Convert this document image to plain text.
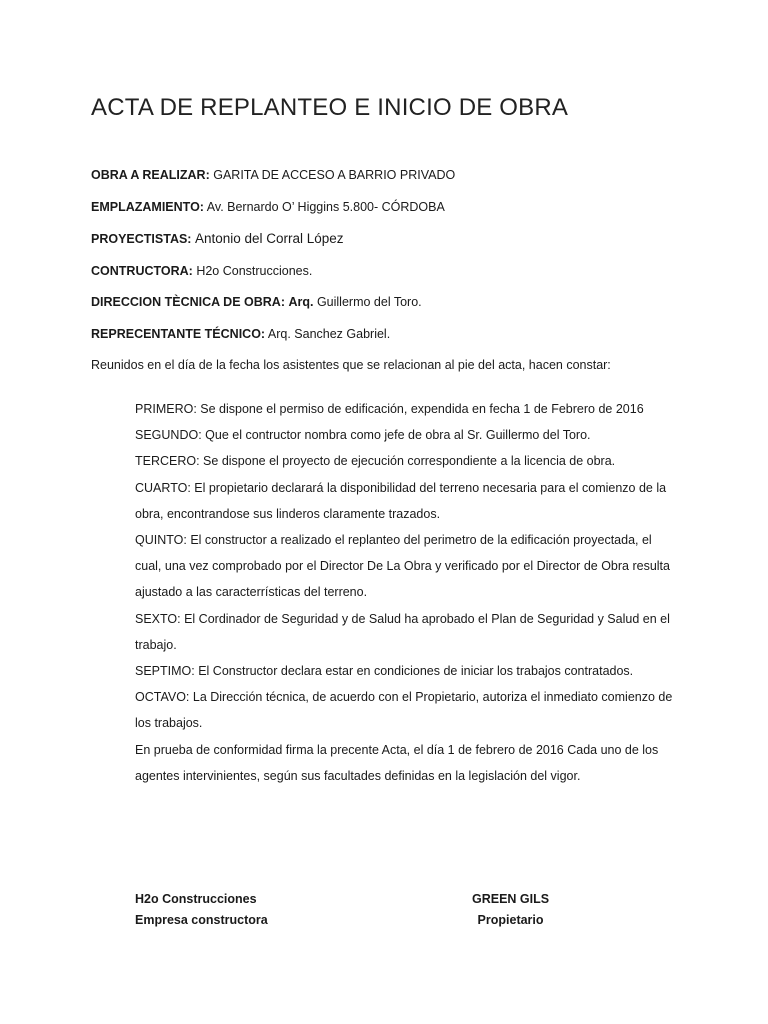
ACTA DE REPLANTEO E INICIO DE OBRA
OBRA A REALIZAR: GARITA DE ACCESO A BARRIO PRIVADO
EMPLAZAMIENTO: Av. Bernardo O’ Higgins 5.800- CÓRDOBA
PROYECTISTAS: Antonio del Corral López
CONTRUCTORA: H2o Construcciones.
DIRECCION TÈCNICA DE OBRA: Arq. Guillermo del Toro.
REPRECENTANTE TÉCNICO: Arq. Sanchez Gabriel.
Reunidos en el día de la fecha los asistentes que se relacionan al pie del acta, hacen constar:

PRIMERO: Se dispone el permiso de edificación, expendida en fecha 1 de Febrero de 2016

SEGUNDO: Que el contructor nombra como jefe de obra al Sr. Guillermo del Toro.

TERCERO: Se dispone el proyecto de ejecución correspondiente a la licencia de obra.

CUARTO: El propietario declarará la disponibilidad del terreno necesaria para el comienzo de la obra, encontrandose sus linderos claramente trazados.

QUINTO: El constructor a realizado el replanteo del perimetro de la edificación proyectada, el cual, una vez comprobado por el Director De La Obra y verificado por el Director de Obra resulta ajustado a las caracterrísticas del terreno.

SEXTO: El Cordinador de Seguridad y de Salud ha aprobado el Plan de Seguridad y Salud en el trabajo.

SEPTIMO: El Constructor declara estar en condiciones de iniciar los trabajos contratados.

OCTAVO: La Dirección técnica, de acuerdo con el Propietario, autoriza el inmediato comienzo de los trabajos.

En prueba de conformidad firma la precente Acta, el día 1 de febrero de 2016 Cada uno de los agentes intervinientes, según sus facultades definidas en la legislación del vigor.

H2o Construcciones
Empresa constructora
GREEN GILS
Propietario
